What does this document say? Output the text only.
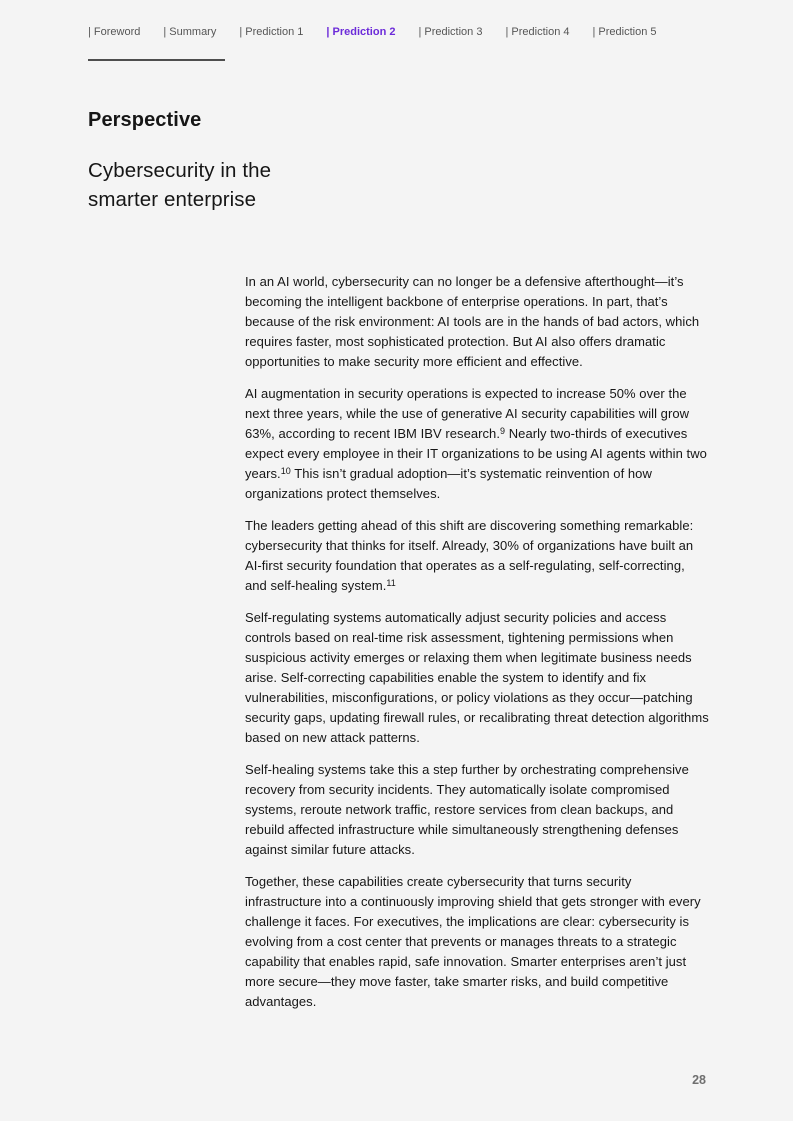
| Foreword | Summary | Prediction 1 | Prediction 2 | Prediction 3 | Prediction 4 | Prediction 5
Perspective
Cybersecurity in the
smarter enterprise

In an AI world, cybersecurity can no longer be a defensive afterthought—it’s becoming the intelligent backbone of enterprise operations. In part, that’s because of the risk environment: AI tools are in the hands of bad actors, which requires faster, most sophisticated protection. But AI also offers dramatic opportunities to make security more efficient and effective.

AI augmentation in security operations is expected to increase 50% over the next three years, while the use of generative AI security capabilities will grow 63%, according to recent IBM IBV research.$^9$ Nearly two-thirds of executives expect every employee in their IT organizations to be using AI agents within two years.$^{10}$ This isn’t gradual adoption—it’s systematic reinvention of how organizations protect themselves.

The leaders getting ahead of this shift are discovering something remarkable: cybersecurity that thinks for itself. Already, 30% of organizations have built an AI-first security foundation that operates as a self-regulating, self-correcting, and self-healing system.$^{11}$

Self-regulating systems automatically adjust security policies and access controls based on real-time risk assessment, tightening permissions when suspicious activity emerges or relaxing them when legitimate business needs arise. Self-correcting capabilities enable the system to identify and fix vulnerabilities, misconfigurations, or policy violations as they occur—patching security gaps, updating firewall rules, or recalibrating threat detection algorithms based on new attack patterns.

Self-healing systems take this a step further by orchestrating comprehensive recovery from security incidents. They automatically isolate compromised systems, reroute network traffic, restore services from clean backups, and rebuild affected infrastructure while simultaneously strengthening defenses against similar future attacks.

Together, these capabilities create cybersecurity that turns security infrastructure into a continuously improving shield that gets stronger with every challenge it faces. For executives, the implications are clear: cybersecurity is evolving from a cost center that prevents or manages threats to a strategic capability that enables rapid, safe innovation. Smarter enterprises aren’t just more secure—they move faster, take smarter risks, and build competitive advantages.

28
